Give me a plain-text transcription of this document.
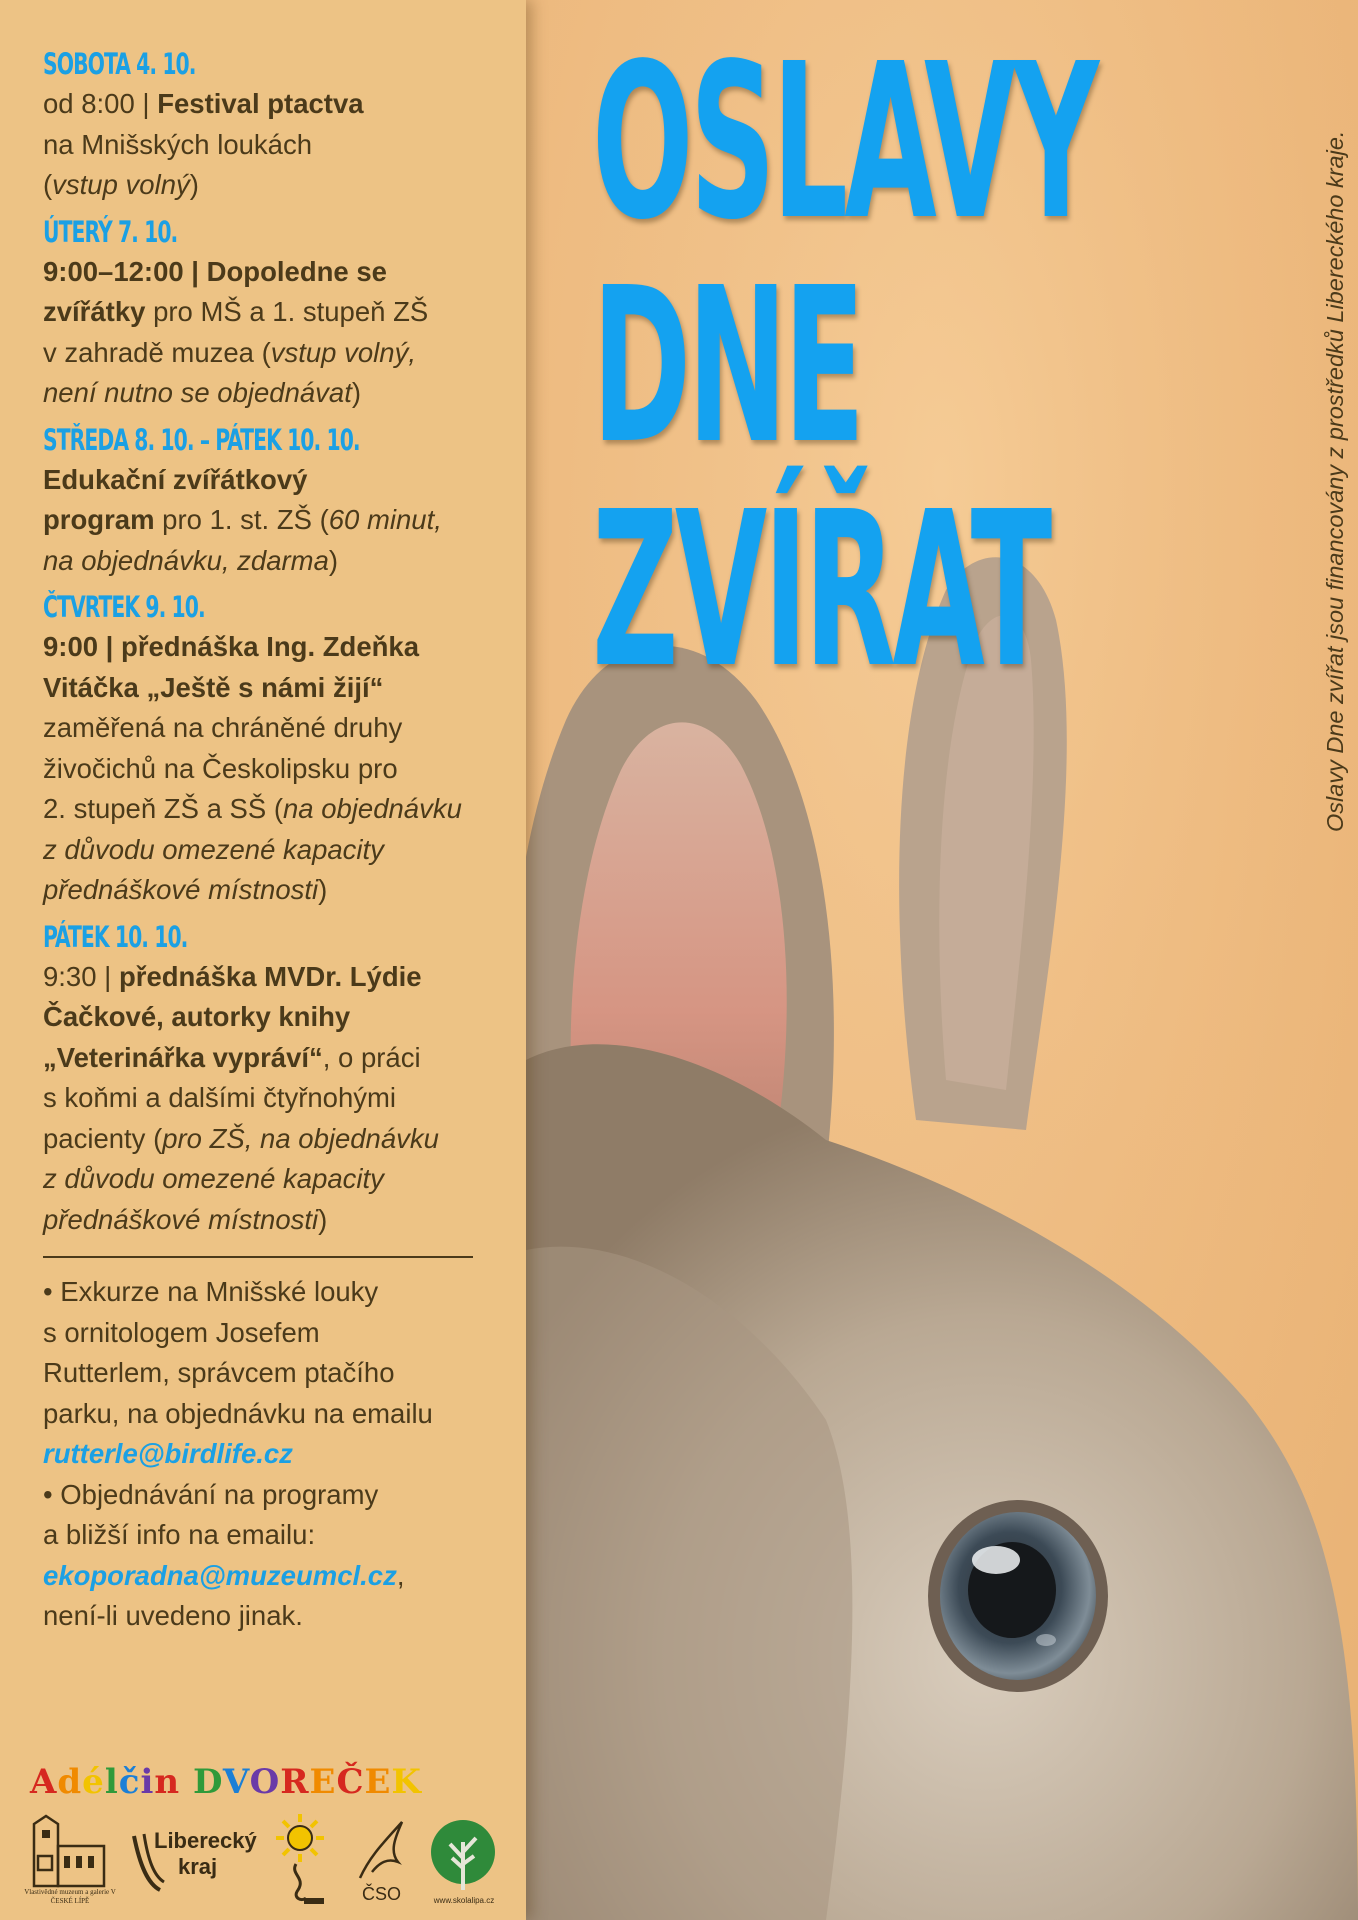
SOBOTA 4. 10.
od 8:00 | Festival ptactva
na Mnišských loukách
(vstup volný)
ÚTERÝ 7. 10.
9:00–12:00 | Dopoledne se
zvířátky pro MŠ a 1. stupeň ZŠ
v zahradě muzea (vstup volný,
není nutno se objednávat)
STŘEDA 8. 10. – PÁTEK 10. 10.
Edukační zvířátkový
program pro 1. st. ZŠ (60 minut,
na objednávku, zdarma)
ČTVRTEK 9. 10.
9:00 | přednáška Ing. Zdeňka
Vitáčka „Ještě s námi žijí“
zaměřená na chráněné druhy
živočichů na Českolipsku pro
2. stupeň ZŠ a SŠ (na objednávku
z důvodu omezené kapacity
přednáškové místnosti)
PÁTEK 10. 10.
9:30 | přednáška MVDr. Lýdie
Čačkové, autorky knihy
„Veterinářka vypráví“, o práci
s koňmi a dalšími čtyřnohými
pacienty (pro ZŠ, na objednávku
z důvodu omezené kapacity
přednáškové místnosti)
• Exkurze na Mnišské louky
s ornitologem Josefem
Rutterlem, správcem ptačího
parku, na objednávku na emailu
rutterle@birdlife.cz
• Objednávání na programy
a bližší info na emailu:
ekoporadna@muzeumcl.cz,
není-li uvedeno jinak.
OSLAVY
DNE
ZVÍŘAT	Oslavy Dne zvířat jsou financovány z prostředků Libereckého kraje.
Adélčin DVOREČEK
Vlastivědné muzeum a galerie V ČESKÉ LÍPĚ
Liberecký
kraj
ČSO	www.skolalipa.cz
